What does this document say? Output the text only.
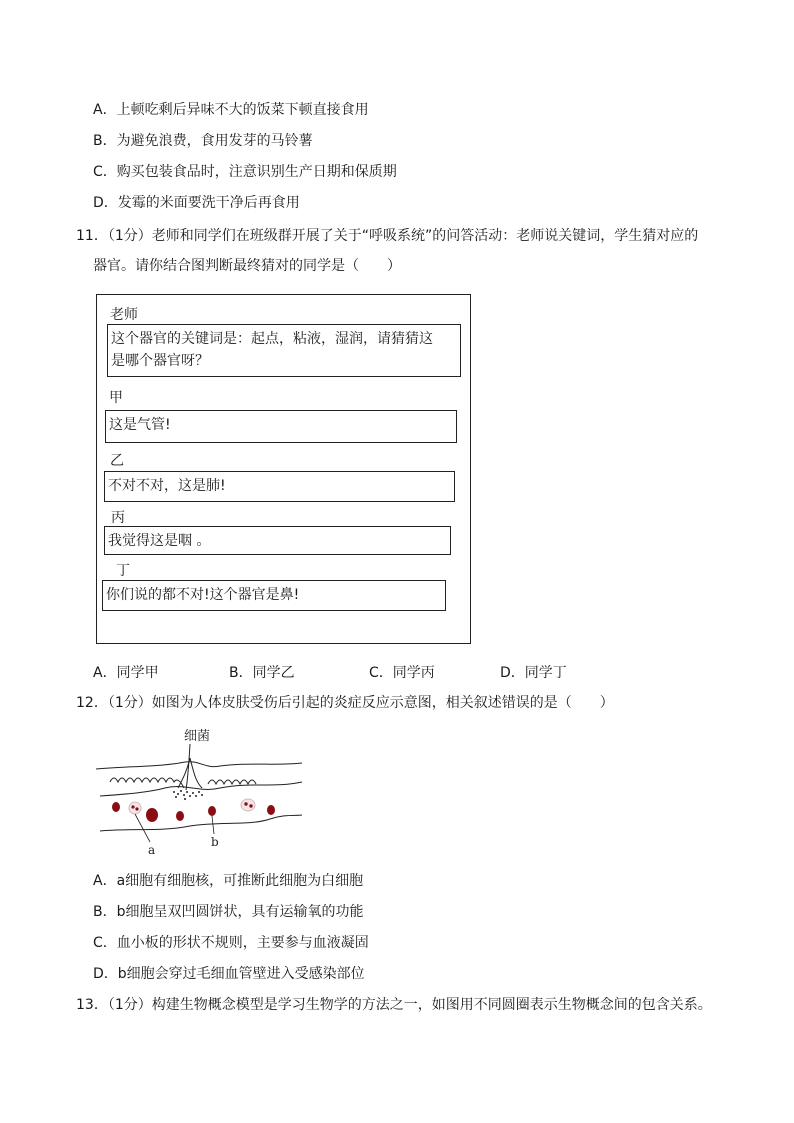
A．上顿吃剩后异味不大的饭菜下顿直接食用
B．为避免浪费，食用发芽的马铃薯
C．购买包装食品时，注意识别生产日期和保质期
D．发霉的米面要洗干净后再食用
11．（1分）老师和同学们在班级群开展了关于“呼吸系统”的问答活动：老师说关键词，学生猜对应的
器官。请你结合图判断最终猜对的同学是（　　）
老师
这个器官的关键词是：起点，粘液，湿润，请猜猜这
是哪个器官呀？
甲
这是气管!
乙
不对不对，这是肺!
丙
我觉得这是咽 。
丁
你们说的都不对!这个器官是鼻!
A．同学甲	B．同学乙	C．同学丙	D．同学丁
12．（1分）如图为人体皮肤受伤后引起的炎症反应示意图，相关叙述错误的是（　　）
细菌
a
b
A．a细胞有细胞核，可推断此细胞为白细胞
B．b细胞呈双凹圆饼状，具有运输氧的功能
C．血小板的形状不规则，主要参与血液凝固
D．b细胞会穿过毛细血管壁进入受感染部位
13．（1分）构建生物概念模型是学习生物学的方法之一，如图用不同圆圈表示生物概念间的包含关系。
